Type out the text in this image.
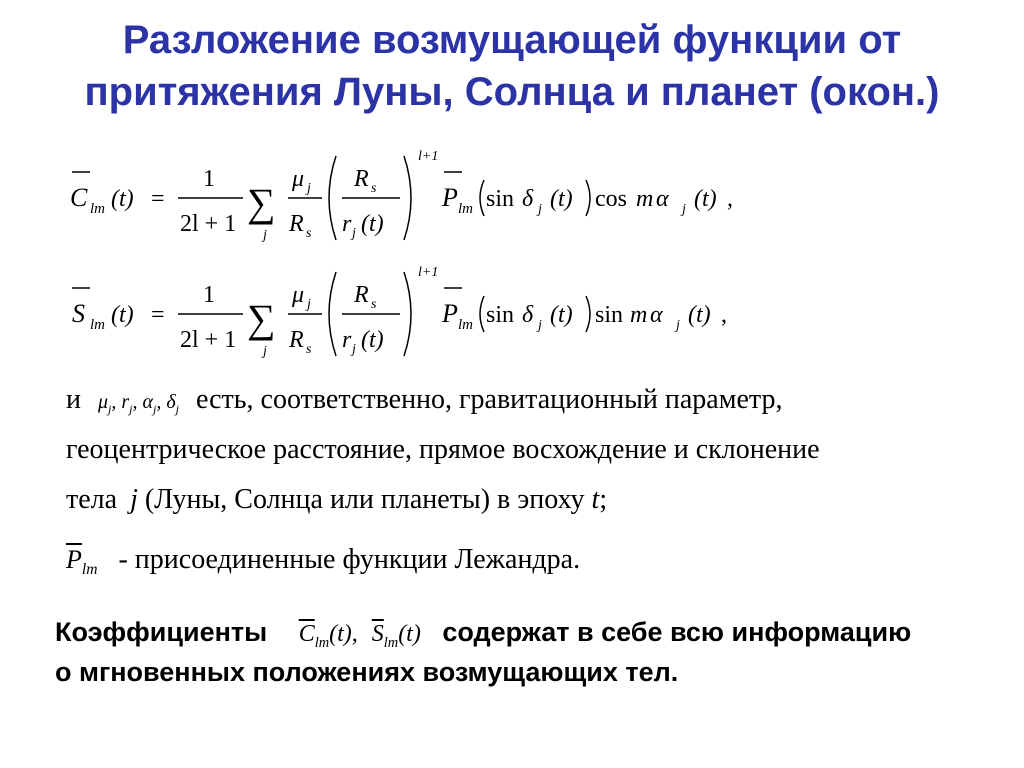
Разложение возмущающей функции от
притяжения Луны, Солнца и планет (окон.)
C lm (t) =
1
2l + 1 ∑
j
μ j
R s
R s
r j (t)
l+1
P lm sin δ j (t) cos m α j (t) ,
S lm (t) =
1
2l + 1 ∑
j
μ j
R s
R s
r j (t)
l+1
P lm sin δ j (t) sin m α j (t) ,
и $\mu_j$, $r_j$, $\alpha_j$, $\delta_j$ есть, соответственно, гравитационный параметр,
геоцентрическое расстояние, прямое восхождение и склонение
тела j (Луны, Солнца или планеты) в эпоху t;
$\overline{P}_{lm}$ - присоединенные функции Лежандра.
Коэффициенты $\overline{C}_{lm}(t)$, $\overline{S}_{lm}(t)$ содержат в себе всю информацию
о мгновенных положениях возмущающих тел.
